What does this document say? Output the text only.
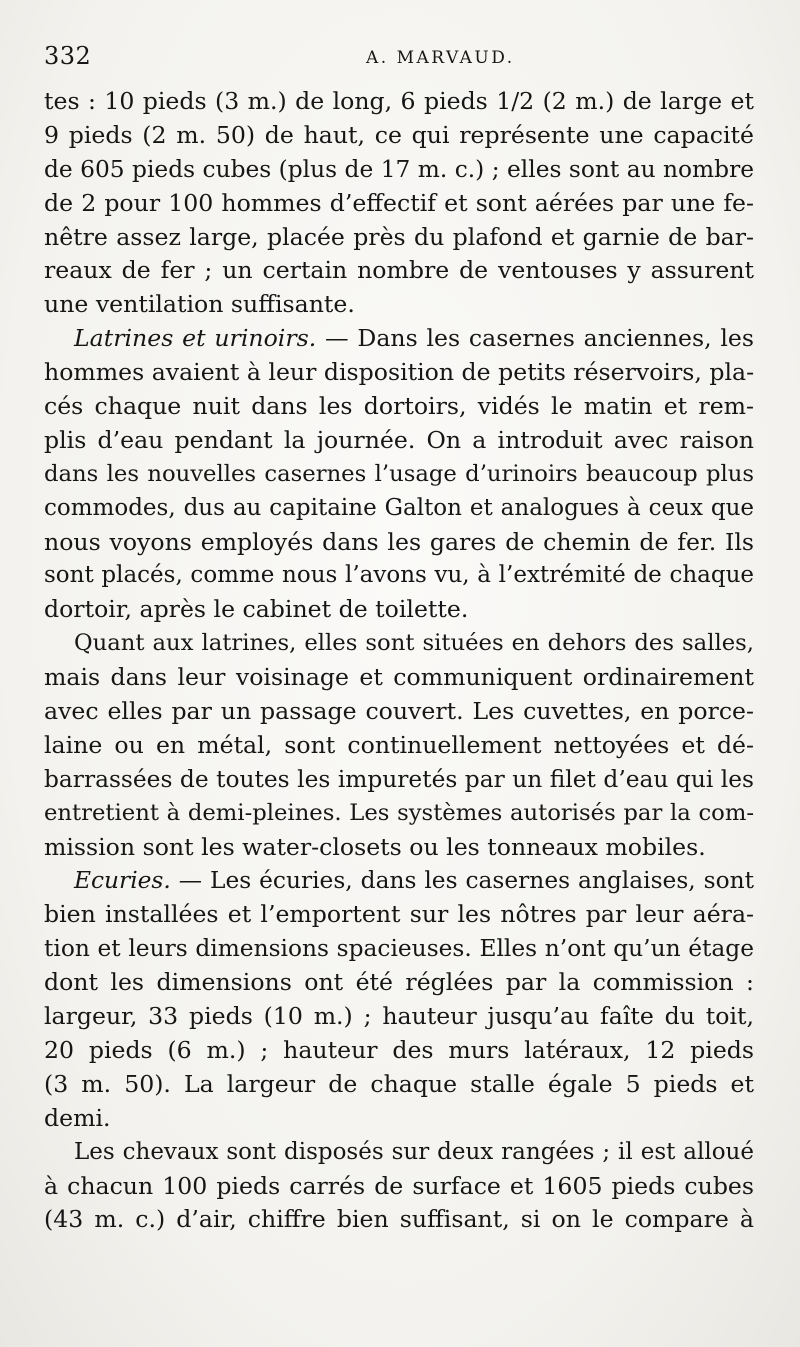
332	A. MARVAUD.
tes : 10 pieds (3 m.) de long, 6 pieds 1/2 (2 m.) de large et
9 pieds (2 m. 50) de haut, ce qui représente une capacité
de 605 pieds cubes (plus de 17 m. c.) ; elles sont au nombre
de 2 pour 100 hommes d’effectif et sont aérées par une fe-
nêtre assez large, placée près du plafond et garnie de bar-
reaux de fer ; un certain nombre de ventouses y assurent
une ventilation suffisante.
Latrines et urinoirs. — Dans les casernes anciennes, les
hommes avaient à leur disposition de petits réservoirs, pla-
cés chaque nuit dans les dortoirs, vidés le matin et rem-
plis d’eau pendant la journée. On a introduit avec raison
dans les nouvelles casernes l’usage d’urinoirs beaucoup plus
commodes, dus au capitaine Galton et analogues à ceux que
nous voyons employés dans les gares de chemin de fer. Ils
sont placés, comme nous l’avons vu, à l’extrémité de chaque
dortoir, après le cabinet de toilette.
Quant aux latrines, elles sont situées en dehors des salles,
mais dans leur voisinage et communiquent ordinairement
avec elles par un passage couvert. Les cuvettes, en porce-
laine ou en métal, sont continuellement nettoyées et dé-
barrassées de toutes les impuretés par un filet d’eau qui les
entretient à demi-pleines. Les systèmes autorisés par la com-
mission sont les water-closets ou les tonneaux mobiles.
Ecuries. — Les écuries, dans les casernes anglaises, sont
bien installées et l’emportent sur les nôtres par leur aéra-
tion et leurs dimensions spacieuses. Elles n’ont qu’un étage
dont les dimensions ont été réglées par la commission :
largeur, 33 pieds (10 m.) ; hauteur jusqu’au faîte du toit,
20 pieds (6 m.) ; hauteur des murs latéraux, 12 pieds
(3 m. 50). La largeur de chaque stalle égale 5 pieds et
demi.
Les chevaux sont disposés sur deux rangées ; il est alloué
à chacun 100 pieds carrés de surface et 1605 pieds cubes
(43 m. c.) d’air, chiffre bien suffisant, si on le compare à
